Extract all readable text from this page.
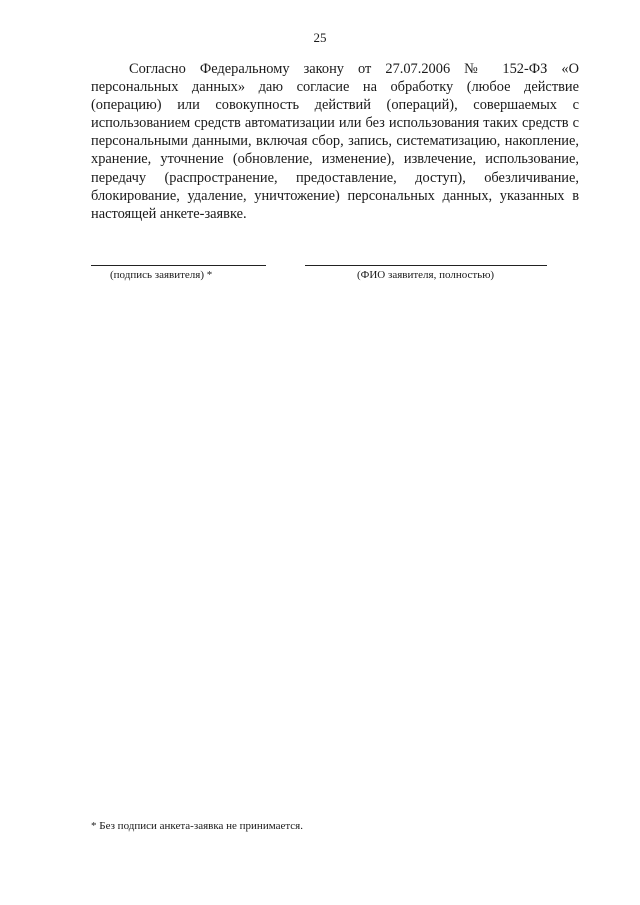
25

Согласно Федеральному закону от 27.07.2006 № 152-ФЗ «О персональных данных» даю согласие на обработку (любое действие (операцию) или совокупность действий (операций), совершаемых с использованием средств автоматизации или без использования таких средств с персональными данными, включая сбор, запись, систематизацию, накопление, хранение, уточнение (обновление, изменение), извлечение, использование, передачу (распространение, предоставление, доступ), обезличивание, блокирование, удаление, уничтожение) персональных данных, указанных в настоящей анкете-заявке.

(подпись заявителя) *	(ФИО заявителя, полностью)
* Без подписи анкета-заявка не принимается.
